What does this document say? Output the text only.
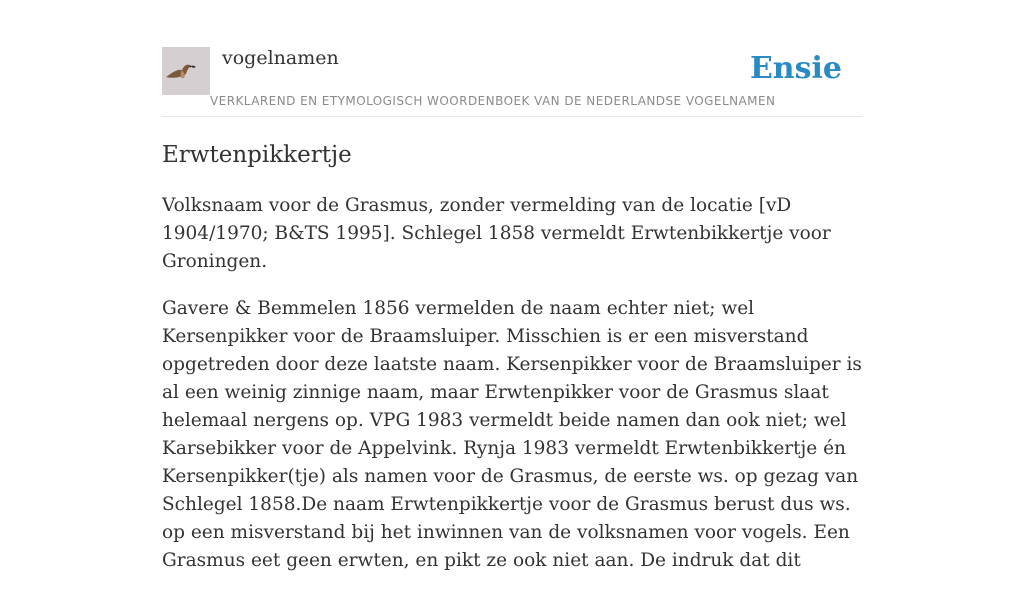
vogelnamen
VERKLAREND EN ETYMOLOGISCH WOORDENBOEK VAN DE NEDERLANDSE VOGELNAMEN
Ensie
Erwtenpikkertje

Volksnaam voor de Grasmus, zonder vermelding van de locatie [vD 1904/1970; B&TS 1995]. Schlegel 1858 vermeldt Erwtenbikkertje voor Groningen.

Gavere & Bemmelen 1856 vermelden de naam echter niet; wel Kersenpikker voor de Braamsluiper. Misschien is er een misverstand opgetreden door deze laatste naam. Kersenpikker voor de Braamsluiper is al een weinig zinnige naam, maar Erwtenpikker voor de Grasmus slaat helemaal nergens op. VPG 1983 vermeldt beide namen dan ook niet; wel Karsebikker voor de Appelvink. Rynja 1983 vermeldt Erwtenbikkertje én Kersenpikker(tje) als namen voor de Grasmus, de eerste ws. op gezag van Schlegel 1858.De naam Erwtenpikkertje voor de Grasmus berust dus ws. op een misverstand bij het inwinnen van de volksnamen voor vogels. Een Grasmus eet geen erwten, en pikt ze ook niet aan. De indruk dat dit
